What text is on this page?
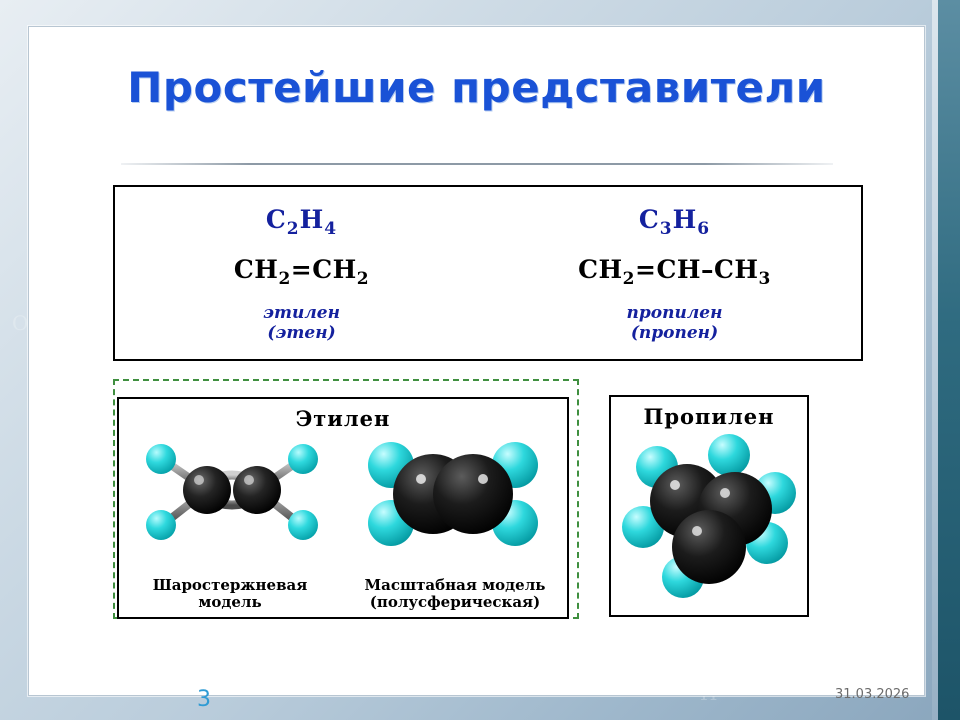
O
Простейшие представители
$C_2H_4$
$CH_2=CH_2$
этилен
(этен)
$C_3H_6$
$CH_2=CH-CH_3$
пропилен
(пропен)
Этилен
Шаростержневая
модель
Масштабная модель
(полусферическая)
Пропилен
3	31.03.2026
